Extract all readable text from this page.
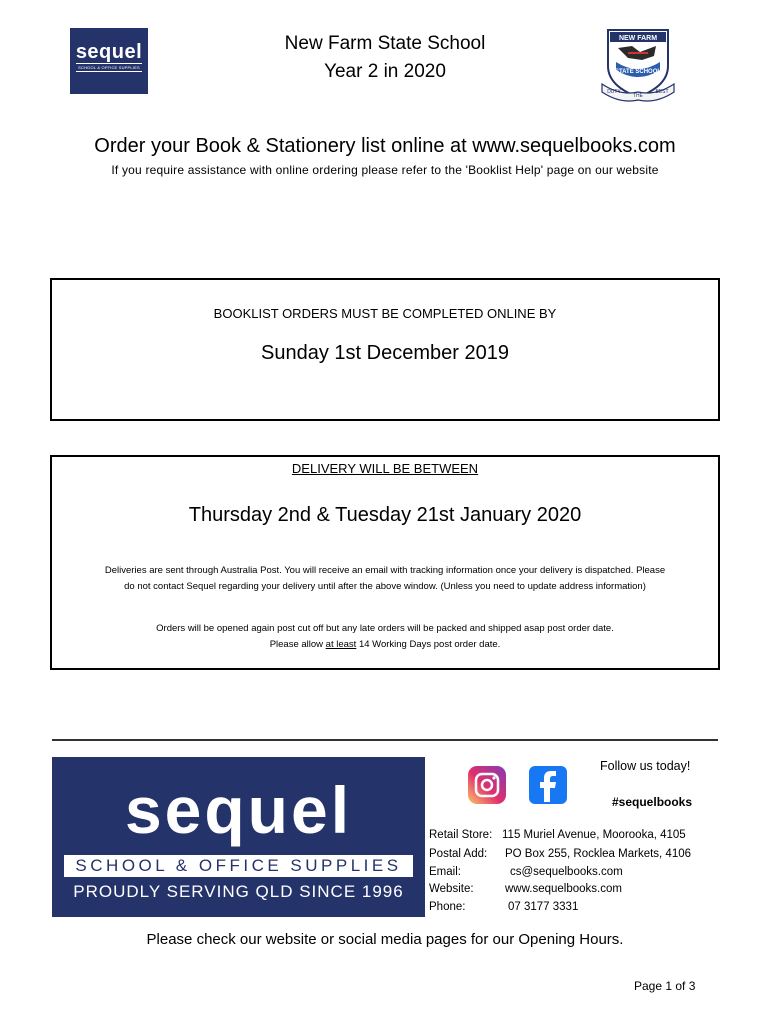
sequel
SCHOOL & OFFICE SUPPLIES
New Farm State School
Year 2 in 2020
NEW FARM
STATE SCHOOL
DUTY
THE
BEST
Order your Book & Stationery list online at www.sequelbooks.com
If you require assistance with online ordering please refer to the 'Booklist Help' page on our website
BOOKLIST ORDERS MUST BE COMPLETED ONLINE BY
Sunday 1st December 2019
DELIVERY WILL BE BETWEEN
Thursday 2nd & Tuesday 21st January 2020
Deliveries are sent through Australia Post. You will receive an email with tracking information once your delivery is dispatched. Please do not contact Sequel regarding your delivery until after the above window. (Unless you need to update address information)
Orders will be opened again post cut off but any late orders will be packed and shipped asap post order date.
Please allow at least 14 Working Days post order date.
sequel
SCHOOL & OFFICE SUPPLIES
PROUDLY SERVING QLD SINCE 1996
Follow us today!
#sequelbooks
Retail Store: 115 Muriel Avenue, Moorooka, 4105
Postal Add: PO Box 255, Rocklea Markets, 4106
Email:	cs@sequelbooks.com
Website:	www.sequelbooks.com
Phone:	07 3177 3331
Please check our website or social media pages for our Opening Hours.
Page 1 of 3
